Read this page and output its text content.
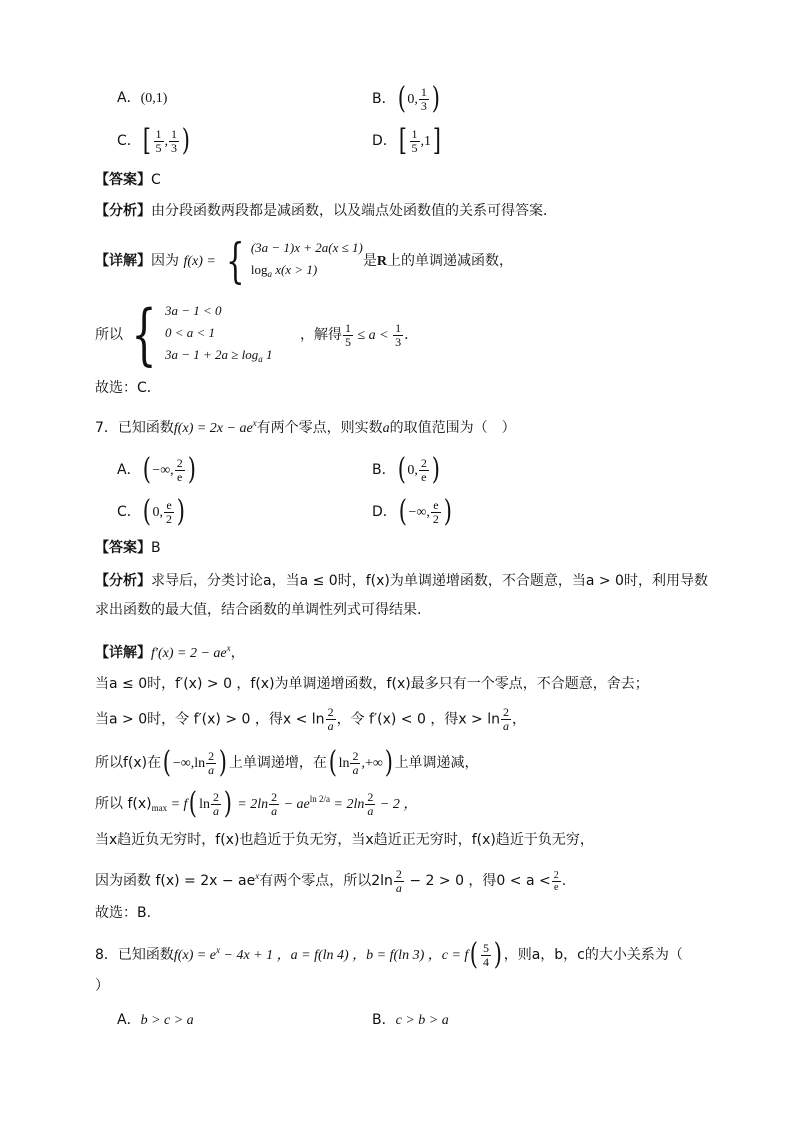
A．(0,1)	B．( 0, $\frac{1}{3}$ )
C．[ $\frac{1}{5}$ , $\frac{1}{3}$ )	D．[ $\frac{1}{5} ,1$]
【答案】C
【分析】由分段函数两段都是减函数，以及端点处函数值的关系可得答案．
【详解】因为 f(x) = { (3a − 1)x + 2a(x ≤ 1)
$\log_a x(x > 1)$
是R上的单调递减函数，
所以 { 3a − 1 < 0
0 < a < 1
$3a - 1 + 2a \ge \log_a 1$
，解得 $\frac{1}{5} \le a < \frac{1}{3}$ ．
故选：C．
7．已知函数$f(x) = 2x - ae^x$有两个零点，则实数a的取值范围为（　）
A．( −∞, $\frac{2}{e}$ )	B．( 0, $\frac{2}{e}$ )
C．( 0, $\frac{e}{2}$ )	D．( −∞, $\frac{e}{2}$ )
【答案】B
【分析】求导后，分类讨论a，当a ≤ 0时，f(x)为单调递增函数，不合题意，当a > 0时，利用导数
求出函数的最大值，结合函数的单调性列式可得结果.
【详解】$f'(x) = 2 - ae^x$，
当a ≤ 0时，f′(x) > 0 ，f(x)为单调递增函数，f(x)最多只有一个零点，不合题意，舍去；
当a > 0时，令 f′(x) > 0 ，得$x < \ln \frac{2}{a}$ ，令 f′(x) < 0 ，得$x > \ln \frac{2}{a}$ ，
所以f(x)在( $-\infty,\ln \frac{2}{a}$ ) 上单调递增，在( $\ln \frac{2}{a}$ ,+∞) 上单调递减，
所以 $f(x)_{max} = f$( $\ln \frac{2}{a}$ ) = $2\ln \frac{2}{a} - ae^{ln 2/a} = 2\ln \frac{2}{a} - 2$ ，
当x趋近负无穷时，f(x)也趋近于负无穷，当x趋近正无穷时，f(x)趋近于负无穷，
因为函数 $f(x) = 2x - ae^x$有两个零点，所以$2\ln \frac{2}{a} - 2 > 0$ ，得$0 < a < \frac{2}{e}$ .
故选：B.
8．已知函数$f(x) = e^x - 4x + 1$ ，a = f(ln 4) ，b = f(ln 3) ，$c = f( \frac{5}{4}$ ) ，则a，b，c的大小关系为（
）
A．b > c > a	B．c > b > a
